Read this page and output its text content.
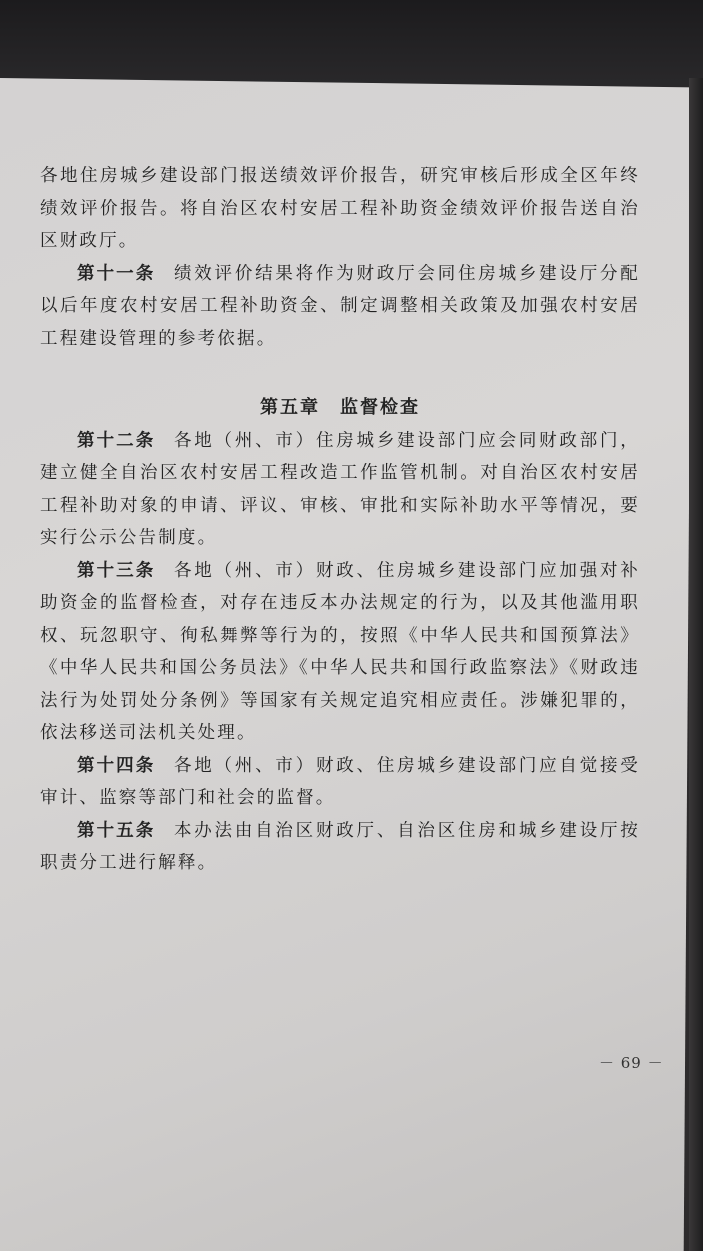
各地住房城乡建设部门报送绩效评价报告，研究审核后形成全区年终绩效评价报告。将自治区农村安居工程补助资金绩效评价报告送自治区财政厅。

第十一条 绩效评价结果将作为财政厅会同住房城乡建设厅分配以后年度农村安居工程补助资金、制定调整相关政策及加强农村安居工程建设管理的参考依据。

第五章 监督检查

第十二条 各地（州、市）住房城乡建设部门应会同财政部门，建立健全自治区农村安居工程改造工作监管机制。对自治区农村安居工程补助对象的申请、评议、审核、审批和实际补助水平等情况，要实行公示公告制度。

第十三条 各地（州、市）财政、住房城乡建设部门应加强对补助资金的监督检查，对存在违反本办法规定的行为，以及其他滥用职权、玩忽职守、徇私舞弊等行为的，按照《中华人民共和国预算法》《中华人民共和国公务员法》《中华人民共和国行政监察法》《财政违法行为处罚处分条例》等国家有关规定追究相应责任。涉嫌犯罪的，依法移送司法机关处理。

第十四条 各地（州、市）财政、住房城乡建设部门应自觉接受审计、监察等部门和社会的监督。

第十五条 本办法由自治区财政厅、自治区住房和城乡建设厅按职责分工进行解释。

－ 69 －
